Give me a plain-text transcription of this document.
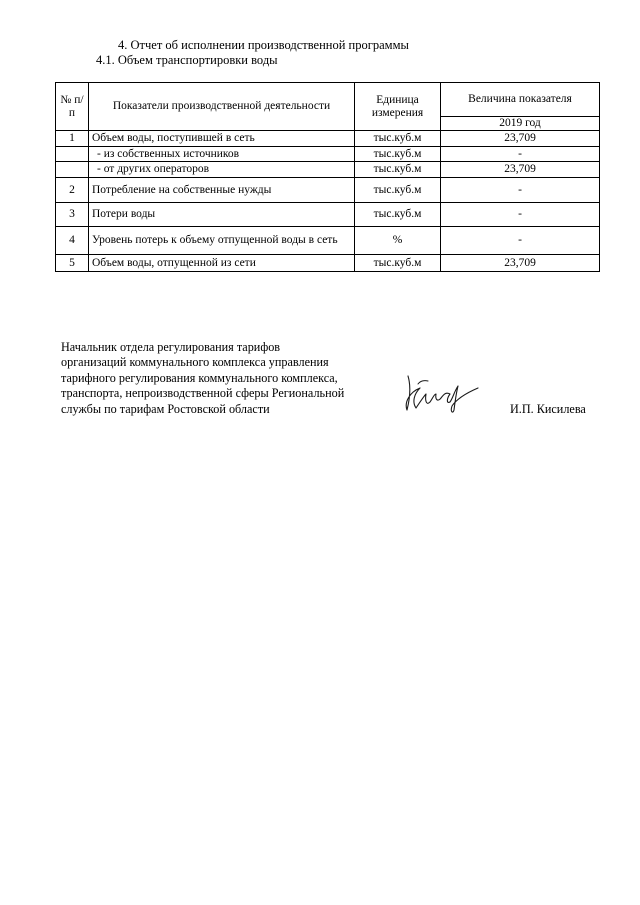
4. Отчет об исполнении производственной программы
4.1. Объем транспортировки воды
№ п/п	Показатели производственной деятельности	Единица измерения	Величина показателя
			2019 год
1	Объем воды, поступившей в сеть	тыс.куб.м	23,709
	- из собственных источников	тыс.куб.м	-
	- от других операторов	тыс.куб.м	23,709
2	Потребление на собственные нужды	тыс.куб.м	-
3	Потери воды	тыс.куб.м	-
4	Уровень потерь к объему отпущенной воды в сеть	%	-
5	Объем воды, отпущенной из сети	тыс.куб.м	23,709
Начальник отдела регулирования тарифов
организаций коммунального комплекса управления
тарифного регулирования коммунального комплекса,
транспорта, непроизводственной сферы Региональной
службы по тарифам Ростовской области	И.П. Кисилева
